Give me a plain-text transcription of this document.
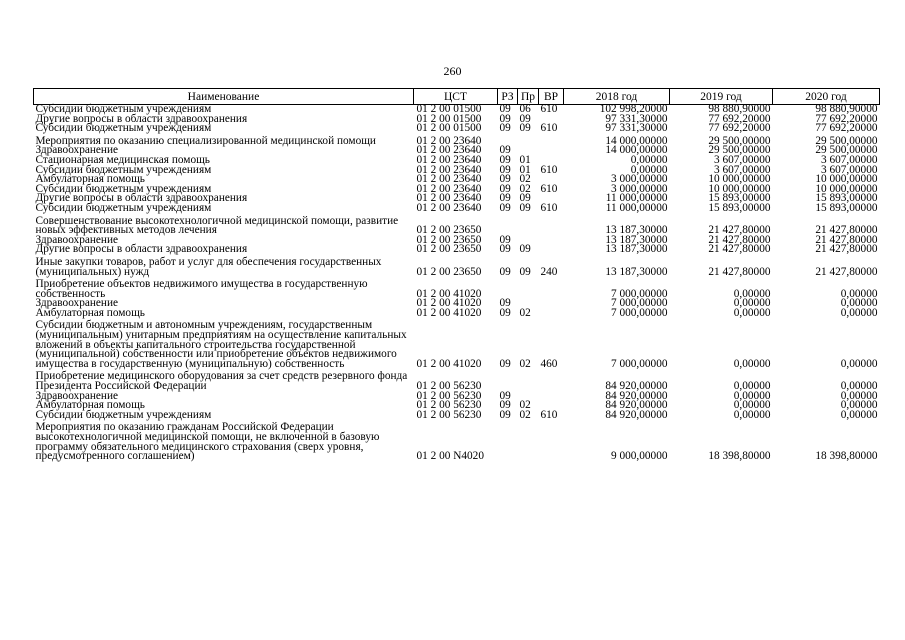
260
Наименование	ЦСТ	РЗ	Пр	ВР	2018 год	2019 год	2020 год
Субсидии бюджетным учреждениям	01 2 00 01500	09	06	610	102 998,20000	98 880,90000	98 880,90000
Другие вопросы в области здравоохранения	01 2 00 01500	09	09		97 331,30000	77 692,20000	77 692,20000
Субсидии бюджетным учреждениям	01 2 00 01500	09	09	610	97 331,30000	77 692,20000	77 692,20000
Мероприятия по оказанию специализированной медицинской помощи	01 2 00 23640				14 000,00000	29 500,00000	29 500,00000
Здравоохранение	01 2 00 23640	09			14 000,00000	29 500,00000	29 500,00000
Стационарная медицинская помощь	01 2 00 23640	09	01		0,00000	3 607,00000	3 607,00000
Субсидии бюджетным учреждениям	01 2 00 23640	09	01	610	0,00000	3 607,00000	3 607,00000
Амбулаторная помощь	01 2 00 23640	09	02		3 000,00000	10 000,00000	10 000,00000
Субсидии бюджетным учреждениям	01 2 00 23640	09	02	610	3 000,00000	10 000,00000	10 000,00000
Другие вопросы в области здравоохранения	01 2 00 23640	09	09		11 000,00000	15 893,00000	15 893,00000
Субсидии бюджетным учреждениям	01 2 00 23640	09	09	610	11 000,00000	15 893,00000	15 893,00000
Совершенствование высокотехнологичной медицинской помощи, развитие новых эффективных методов лечения	01 2 00 23650				13 187,30000	21 427,80000	21 427,80000
Здравоохранение	01 2 00 23650	09			13 187,30000	21 427,80000	21 427,80000
Другие вопросы в области здравоохранения	01 2 00 23650	09	09		13 187,30000	21 427,80000	21 427,80000
Иные закупки товаров, работ и услуг для обеспечения государственных (муниципальных) нужд	01 2 00 23650	09	09	240	13 187,30000	21 427,80000	21 427,80000
Приобретение объектов недвижимого имущества в государственную собственность	01 2 00 41020				7 000,00000	0,00000	0,00000
Здравоохранение	01 2 00 41020	09			7 000,00000	0,00000	0,00000
Амбулаторная помощь	01 2 00 41020	09	02		7 000,00000	0,00000	0,00000
Субсидии бюджетным и автономным учреждениям, государственным (муниципальным) унитарным предприятиям на осуществление капитальных вложений в объекты капитального строительства государственной (муниципальной) собственности или приобретение объектов недвижимого имущества в государственную (муниципальную) собственность	01 2 00 41020	09	02	460	7 000,00000	0,00000	0,00000
Приобретение медицинского оборудования за счет средств резервного фонда Президента Российской Федерации	01 2 00 56230				84 920,00000	0,00000	0,00000
Здравоохранение	01 2 00 56230	09			84 920,00000	0,00000	0,00000
Амбулаторная помощь	01 2 00 56230	09	02		84 920,00000	0,00000	0,00000
Субсидии бюджетным учреждениям	01 2 00 56230	09	02	610	84 920,00000	0,00000	0,00000
Мероприятия по оказанию гражданам Российской Федерации высокотехнологичной медицинской помощи, не включенной в базовую программу обязательного медицинского страхования (сверх уровня, предусмотренного соглашением)	01 2 00 N4020				9 000,00000	18 398,80000	18 398,80000
